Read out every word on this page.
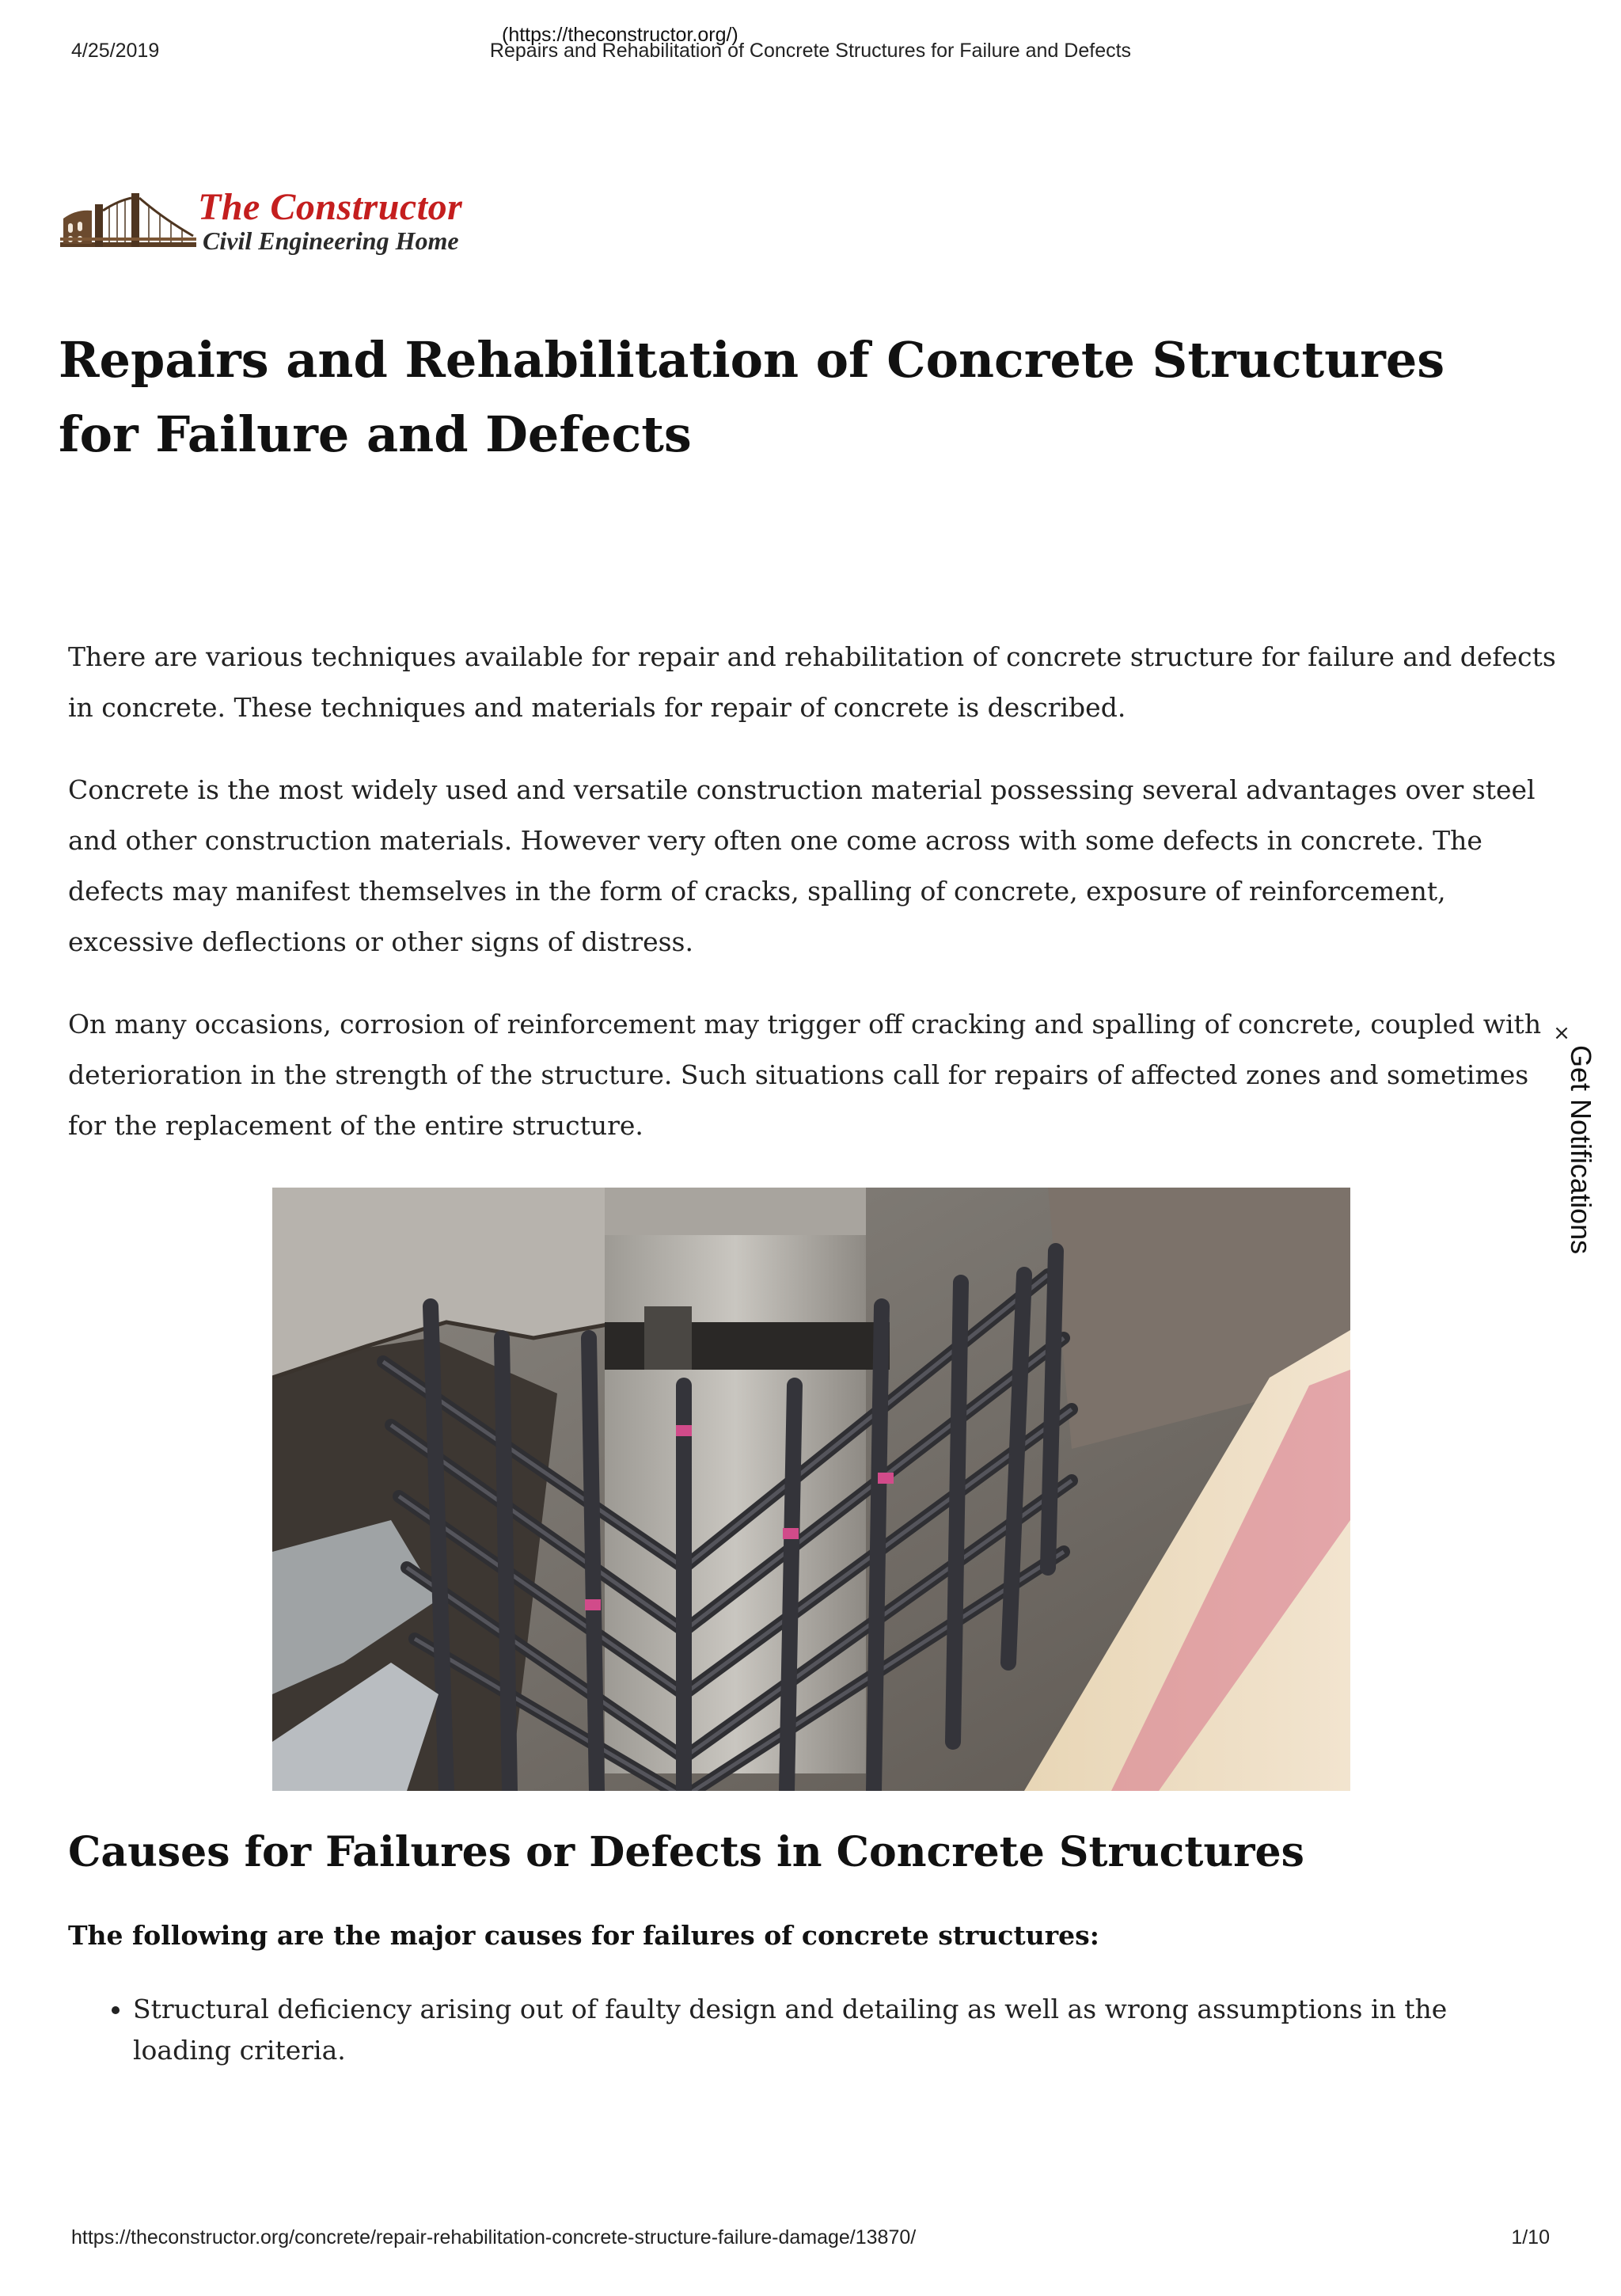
4/25/2019	Repairs and Rehabilitation of Concrete Structures for Failure and Defects
The Constructor
Civil Engineering Home
(https://theconstructor.org/)
Repairs and Rehabilitation of Concrete Structures for Failure and Defects

There are various techniques available for repair and rehabilitation of concrete structure for failure and defects in concrete. These techniques and materials for repair of concrete is described.

Concrete is the most widely used and versatile construction material possessing several advantages over steel and other construction materials. However very often one come across with some defects in concrete. The defects may manifest themselves in the form of cracks, spalling of concrete, exposure of reinforcement, excessive deflections or other signs of distress.

On many occasions, corrosion of reinforcement may trigger off cracking and spalling of concrete, coupled with deterioration in the strength of the structure. Such situations call for repairs of affected zones and sometimes for the replacement of the entire structure.

Causes for Failures or Defects in Concrete Structures

The following are the major causes for failures of concrete structures:

• Structural deficiency arising out of faulty design and detailing as well as wrong assumptions in the loading criteria.
×
Get Notifications
https://theconstructor.org/concrete/repair-rehabilitation-concrete-structure-failure-damage/13870/	1/10
